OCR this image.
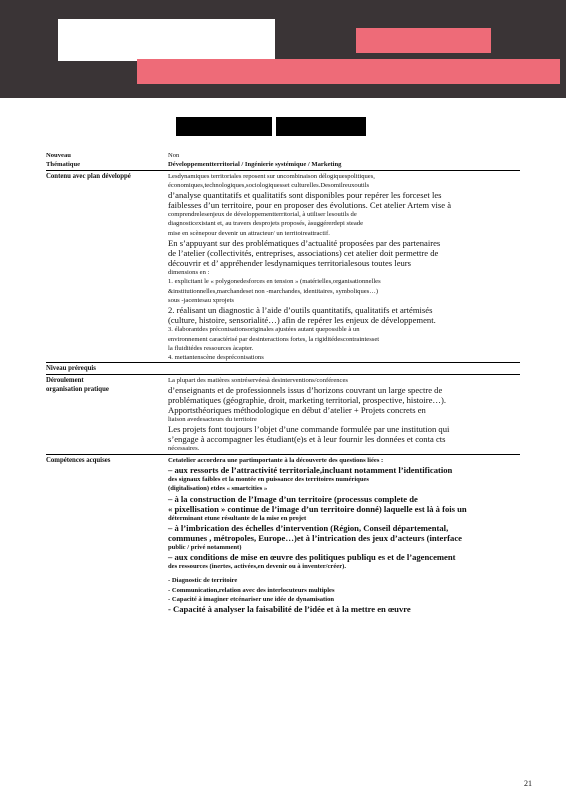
Nouveau
Thématique

Non

Développementterritorial / Ingénierie systémique / Marketing

Contenu avec plan développé	Lesdynamiques territoriales reposent sur uncombinaison délogiquespolitiques,

économiques,technologiques,sociologiquesset culturelles.Desomilreuxoutils

d’analyse quantitatifs et qualitatifs sont disponibles pour repérer les forceset les

faiblesses d’un territoire, pour en proposer des évolutions. Cet atelier Artem vise à

comprendrelesenjeux de développementterritorial, à utiliser lesoutils de

diagnosticexistant et, au travers desprojets proposés, àsuggérerdepi steade

mise en scènepour devenir un attracteur/ un territoireattractif.

En s’appuyant sur des problématiques d’actualité proposées par des partenaires

de l’atelier (collectivités, entreprises, associations) cet atelier doit permettre de

découvrir et d’ appréhender lesdynamiques territorialesous toutes leurs

dimensions en :

1. explicitant le « polygonedesforces en tension » (matérielles,organisationnelles

&institutionnelles,marchandeset non -marchandes, identitaires, symboliques…)

sous -jacentesau xprojets

2. réalisant un diagnostic à l’aide d’outils quantitatifs, qualitatifs et artémisés

(culture, histoire, sensorialité…) afin de repérer les enjeux de développement.

3. élaborantdes préconisationsoriginales ajustées autant quepossible à un

environnement caractérisé par desinteractions fortes, la rigiditédescontraintesset

la fluiditédes ressources àcapter.

4. mettantenscène despréconisations

Niveau prérequis
Déroulement
organisation pratique

La plupart des matières sontréservéesà desinterventions/conférences

d’enseignants et de professionnels issus d’horizons couvrant un large spectre de

problématiques (géographie, droit, marketing territorial, prospective, histoire…).

Apportsthéoriques méthodologique en début d’atelier + Projets concrets en

liaison avedesacteurs du territoire

Les projets font toujours l’objet d’une commande formulée par une institution qui

s’engage à accompagner les étudiant(e)s et à leur fournir les données et conta cts

nécessaires.

Compétences acquises	Cetatelier accordera une partimportante à la découverte des questions liées :

– aux ressorts de l’attractivité territoriale,incluant notamment l’identification

des signaux faibles et la montée en puissance des territoires numériques

(digitalisation) etdes « smartcities »

– à la construction de l’Image d’un territoire (processus complete de

« pixellisation » continue de l’image d’un territoire donné) laquelle est là à fois un

déterminant etune résultante de la mise en projet

– à l’imbrication des échelles d’intervention (Région, Conseil départemental,

communes , métropoles, Europe…)et à l’intrication des jeux d’acteurs (interface

public / privé notamment)

– aux conditions de mise en œuvre des politiques publiqu es et de l’agencement

des ressources (inertes, activées,en devenir ou à inventer/créer).

- Diagnostic de territoire

- Communication,relation avec des interlocuteurs multiples

- Capacité à imaginer etcénariser une idée de dynamisation

- Capacité à analyser la faisabilité de l’idée et à la mettre en œuvre

21
